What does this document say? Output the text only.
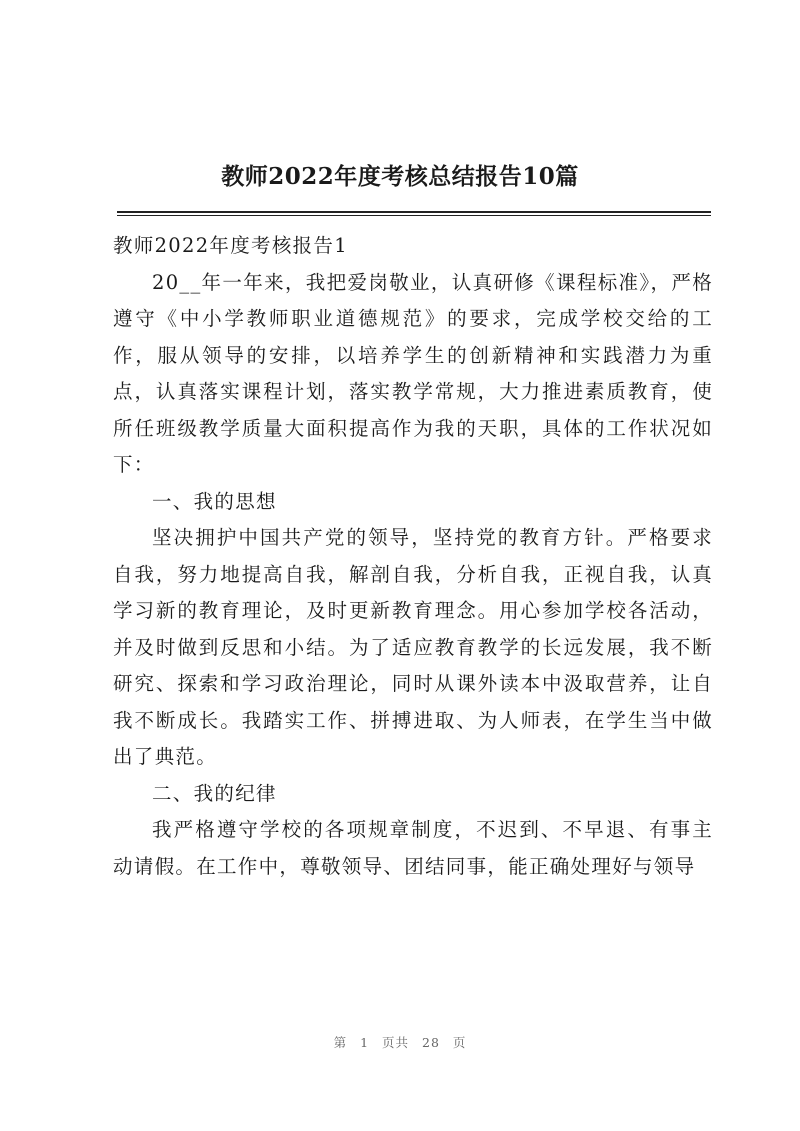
教师2022年度考核总结报告10篇

教师2022年度考核报告1

20__年一年来，我把爱岗敬业，认真研修《课程标准》，严格遵守《中小学教师职业道德规范》的要求，完成学校交给的工作，服从领导的安排，以培养学生的创新精神和实践潜力为重点，认真落实课程计划，落实教学常规，大力推进素质教育，使所任班级教学质量大面积提高作为我的天职，具体的工作状况如下：

一、我的思想

坚决拥护中国共产党的领导，坚持党的教育方针。严格要求自我，努力地提高自我，解剖自我，分析自我，正视自我，认真学习新的教育理论，及时更新教育理念。用心参加学校各活动，并及时做到反思和小结。为了适应教育教学的长远发展，我不断研究、探索和学习政治理论，同时从课外读本中汲取营养，让自我不断成长。我踏实工作、拼搏进取、为人师表，在学生当中做出了典范。

二、我的纪律

我严格遵守学校的各项规章制度，不迟到、不早退、有事主动请假。在工作中，尊敬领导、团结同事，能正确处理好与领导

第 1 页共 28 页
